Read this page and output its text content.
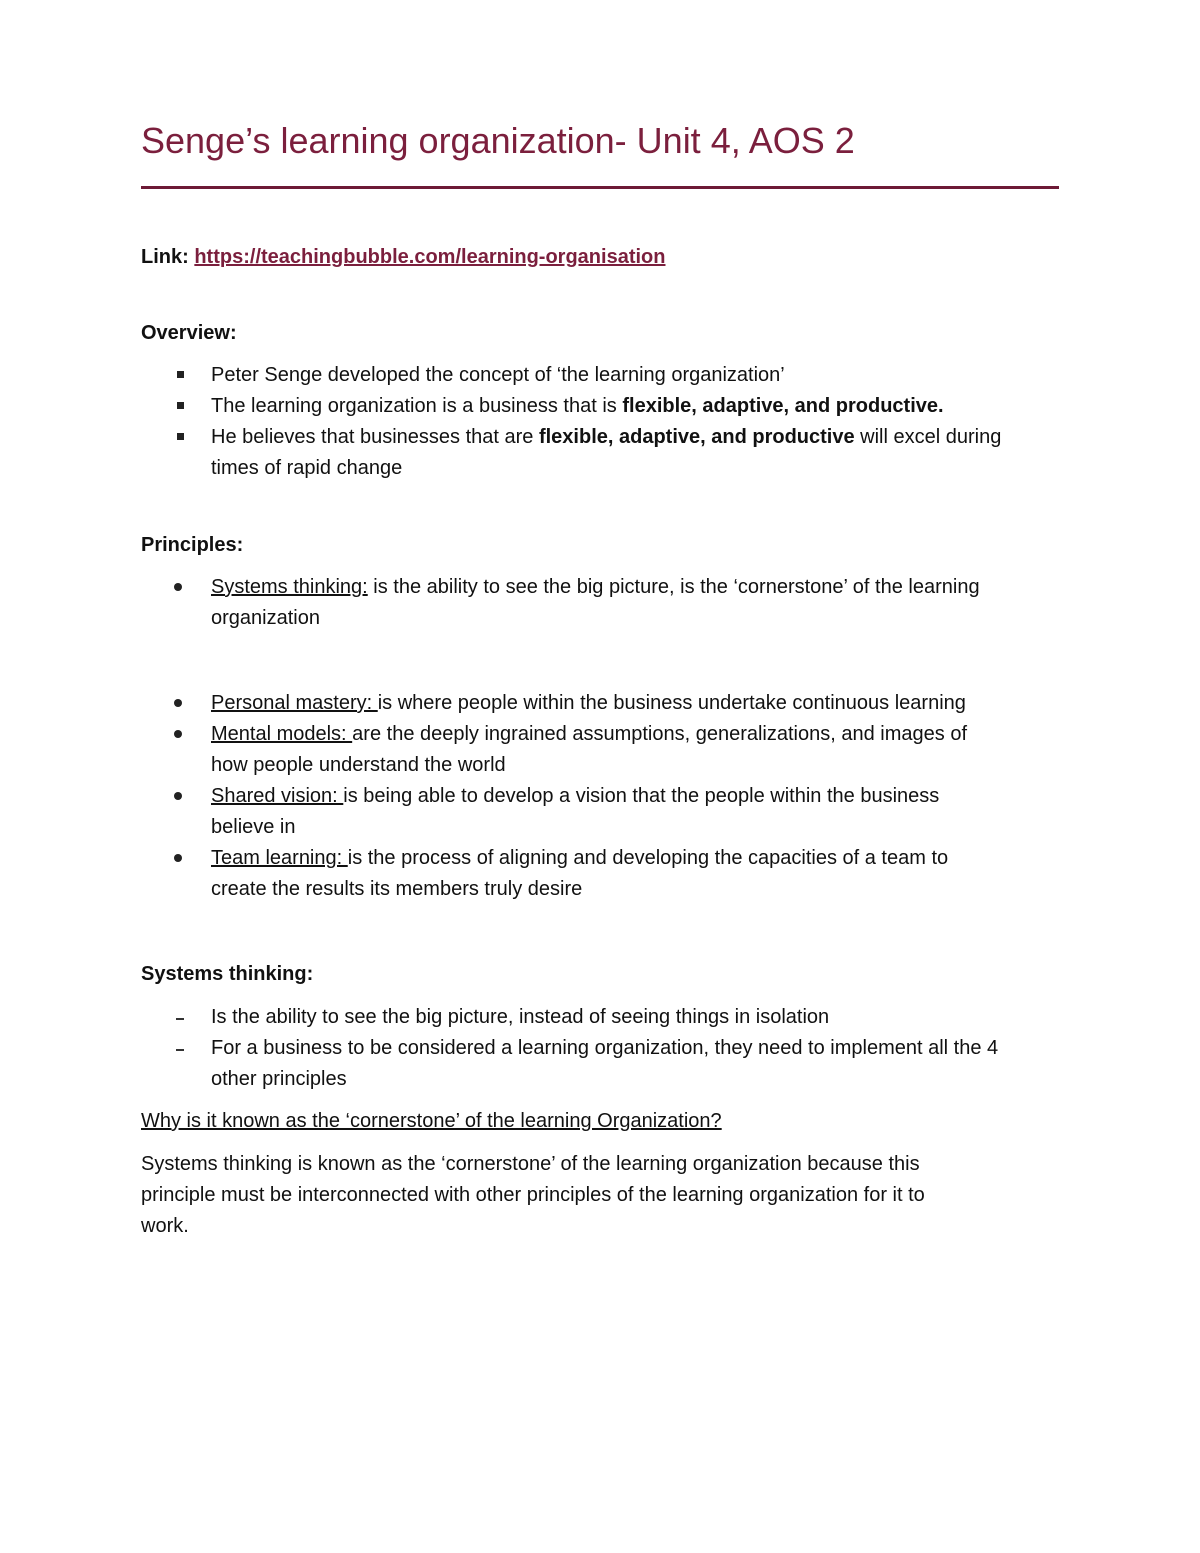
Senge’s learning organization- Unit 4, AOS 2
Link: https://teachingbubble.com/learning-organisation
Overview:
Peter Senge developed the concept of ‘the learning organization’
The learning organization is a business that is flexible, adaptive, and productive.
He believes that businesses that are flexible, adaptive, and productive will excel during
times of rapid change
Principles:
Systems thinking: is the ability to see the big picture, is the ‘cornerstone’ of the learning
organization
Personal mastery: is where people within the business undertake continuous learning
Mental models: are the deeply ingrained assumptions, generalizations, and images of
how people understand the world
Shared vision: is being able to develop a vision that the people within the business
believe in
Team learning: is the process of aligning and developing the capacities of a team to
create the results its members truly desire
Systems thinking:
Is the ability to see the big picture, instead of seeing things in isolation
For a business to be considered a learning organization, they need to implement all the 4
other principles
Why is it known as the ‘cornerstone’ of the learning Organization?
Systems thinking is known as the ‘cornerstone’ of the learning organization because this
principle must be interconnected with other principles of the learning organization for it to
work.
